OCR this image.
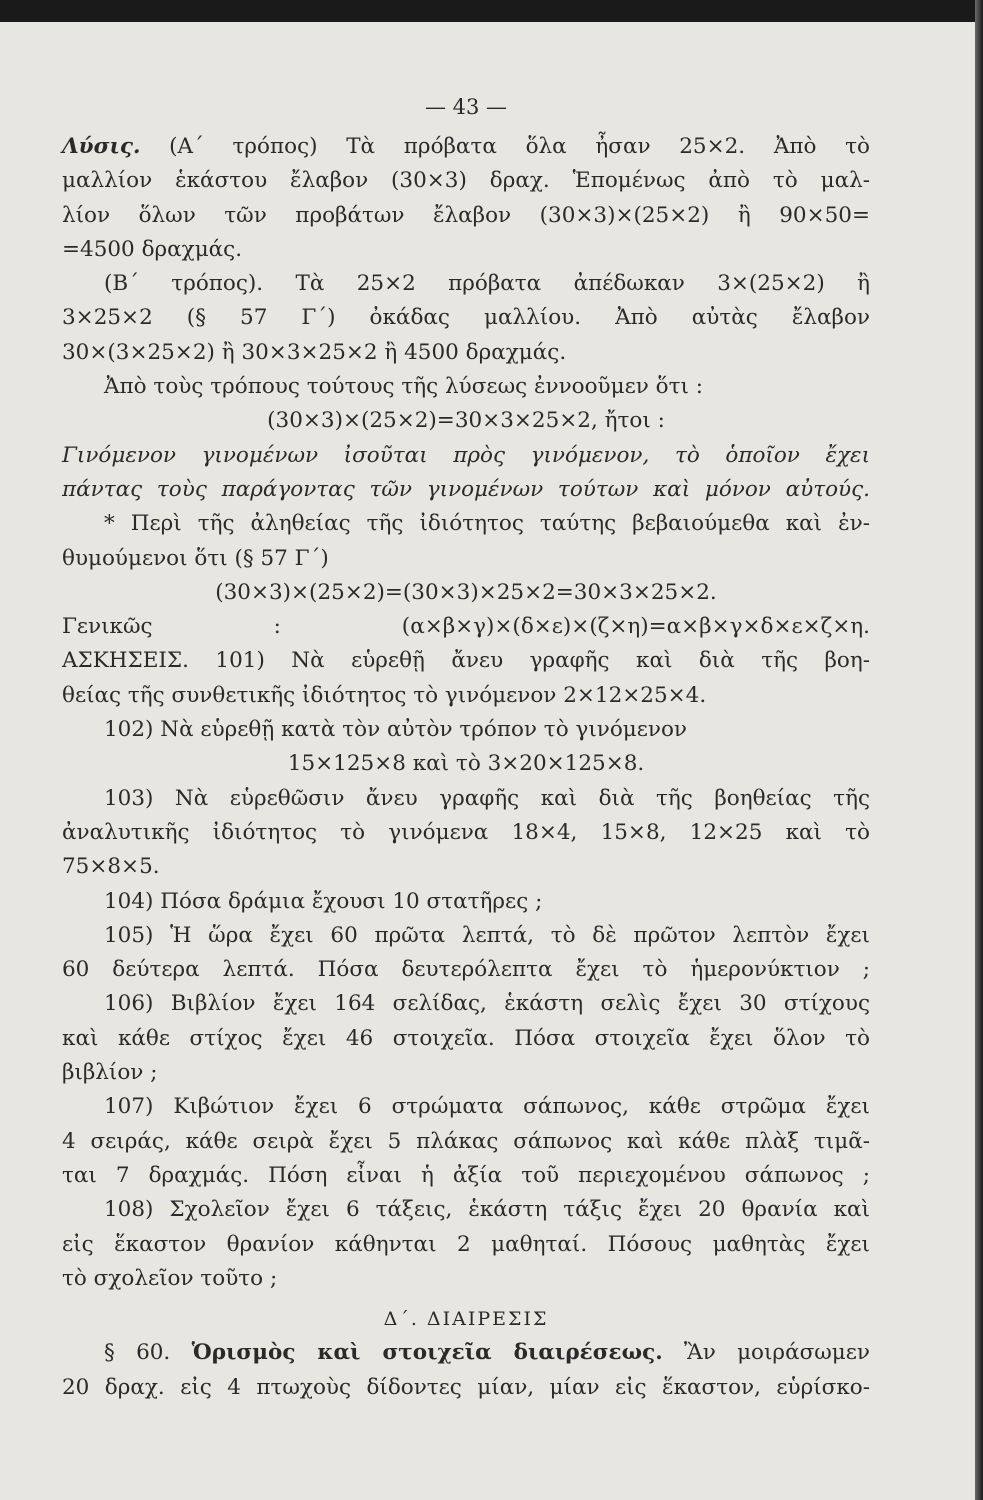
— 43 —
Λύσις. (Α΄ τρόπος) Τὰ πρόβατα ὅλα ἦσαν 25×2. Ἀπὸ τὸ
μαλλίον ἑκάστου ἔλαβον (30×3) δραχ. Ἑπομένως ἀπὸ τὸ μαλ-
λίον ὅλων τῶν προβάτων ἔλαβον (30×3)×(25×2) ἢ 90×50=
=4500 δραχμάς.
(Β΄ τρόπος). Τὰ 25×2 πρόβατα ἀπέδωκαν 3×(25×2) ἢ
3×25×2 (§ 57 Γ΄) ὀκάδας μαλλίου. Ἀπὸ αὐτὰς ἔλαβον
30×(3×25×2) ἢ 30×3×25×2 ἢ 4500 δραχμάς.
Ἀπὸ τοὺς τρόπους τούτους τῆς λύσεως ἐννοοῦμεν ὅτι :
(30×3)×(25×2)=30×3×25×2, ἤτοι :
Γινόμενον γινομένων ἰσοῦται πρὸς γινόμενον, τὸ ὁποῖον ἔχει
πάντας τοὺς παράγοντας τῶν γινομένων τούτων καὶ μόνον αὐτούς.
* Περὶ τῆς ἀληθείας τῆς ἰδιότητος ταύτης βεβαιούμεθα καὶ ἐν-
θυμούμενοι ὅτι (§ 57 Γ΄)
(30×3)×(25×2)=(30×3)×25×2=30×3×25×2.
Γενικῶς : (α×β×γ)×(δ×ε)×(ζ×η)=α×β×γ×δ×ε×ζ×η.
ΑΣΚΗΣΕΙΣ. 101) Νὰ εὑρεθῇ ἄνευ γραφῆς καὶ διὰ τῆς βοη-
θείας τῆς συνθετικῆς ἰδιότητος τὸ γινόμενον 2×12×25×4.
102) Νὰ εὑρεθῇ κατὰ τὸν αὐτὸν τρόπον τὸ γινόμενον
15×125×8 καὶ τὸ 3×20×125×8.
103) Νὰ εὑρεθῶσιν ἄνευ γραφῆς καὶ διὰ τῆς βοηθείας τῆς
ἀναλυτικῆς ἰδιότητος τὸ γινόμενα 18×4, 15×8, 12×25 καὶ τὸ
75×8×5.
104) Πόσα δράμια ἔχουσι 10 στατῆρες ;
105) Ἡ ὥρα ἔχει 60 πρῶτα λεπτά, τὸ δὲ πρῶτον λεπτὸν ἔχει
60 δεύτερα λεπτά. Πόσα δευτερόλεπτα ἔχει τὸ ἡμερονύκτιον ;
106) Βιβλίον ἔχει 164 σελίδας, ἑκάστη σελὶς ἔχει 30 στίχους
καὶ κάθε στίχος ἔχει 46 στοιχεῖα. Πόσα στοιχεῖα ἔχει ὅλον τὸ
βιβλίον ;
107) Κιβώτιον ἔχει 6 στρώματα σάπωνος, κάθε στρῶμα ἔχει
4 σειράς, κάθε σειρὰ ἔχει 5 πλάκας σάπωνος καὶ κάθε πλὰξ τιμᾶ-
ται 7 δραχμάς. Πόση εἶναι ἡ ἀξία τοῦ περιεχομένου σάπωνος ;
108) Σχολεῖον ἔχει 6 τάξεις, ἑκάστη τάξις ἔχει 20 θρανία καὶ
εἰς ἕκαστον θρανίον κάθηνται 2 μαθηταί. Πόσους μαθητὰς ἔχει
τὸ σχολεῖον τοῦτο ;
Δ΄. ΔΙΑΙΡΕΣΙΣ
§ 60. Ὁρισμὸς καὶ στοιχεῖα διαιρέσεως. Ἂν μοιράσωμεν
20 δραχ. εἰς 4 πτωχοὺς δίδοντες μίαν, μίαν εἰς ἕκαστον, εὑρίσκο-
